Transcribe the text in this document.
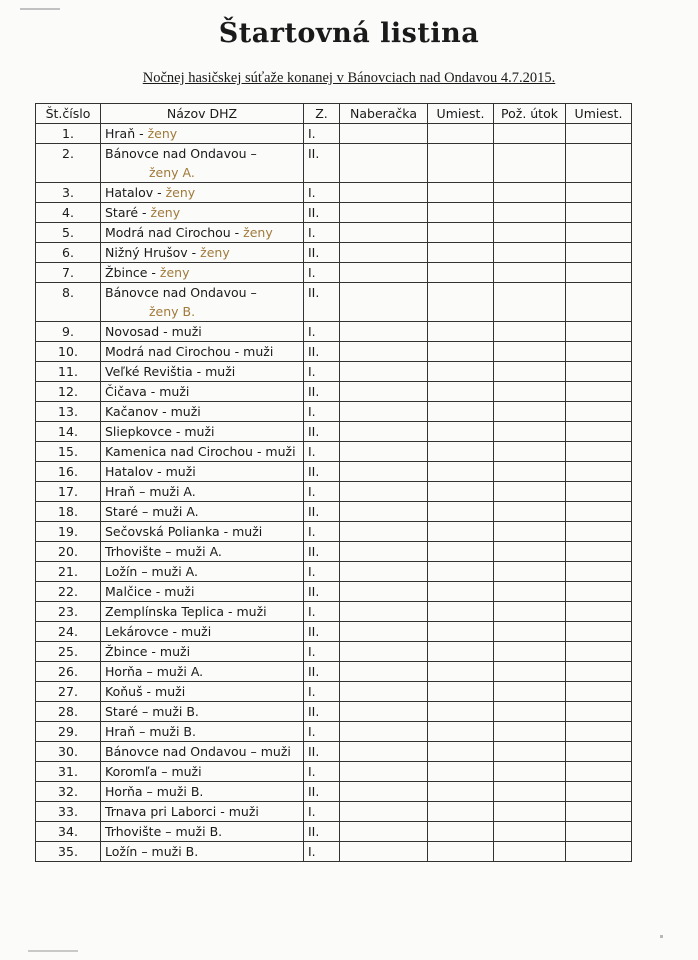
Štartovná listina
Nočnej hasičskej súťaže konanej v Bánovciach nad Ondavou 4.7.2015.
Št.číslo	Názov DHZ	Z.	Naberačka	Umiest.	Pož. útok	Umiest.
1.	Hraň - ženy	I.				
2.	Bánovce nad Ondavou –
ženy A.	II.				
3.	Hatalov - ženy	I.				
4.	Staré - ženy	II.				
5.	Modrá nad Cirochou - ženy	I.				
6.	Nižný Hrušov - ženy	II.				
7.	Žbince - ženy	I.				
8.	Bánovce nad Ondavou –
ženy B.	II.				
9.	Novosad - muži	I.				
10.	Modrá nad Cirochou - muži	II.				
11.	Veľké Revištia - muži	I.				
12.	Čičava - muži	II.				
13.	Kačanov - muži	I.				
14.	Sliepkovce - muži	II.				
15.	Kamenica nad Cirochou - muži	I.				
16.	Hatalov - muži	II.				
17.	Hraň – muži A.	I.				
18.	Staré – muži A.	II.				
19.	Sečovská Polianka - muži	I.				
20.	Trhovište – muži A.	II.				
21.	Ložín – muži A.	I.				
22.	Malčice - muži	II.				
23.	Zemplínska Teplica - muži	I.				
24.	Lekárovce - muži	II.				
25.	Žbince - muži	I.				
26.	Horňa – muži A.	II.				
27.	Koňuš - muži	I.				
28.	Staré – muži B.	II.				
29.	Hraň – muži B.	I.				
30.	Bánovce nad Ondavou – muži	II.				
31.	Koromľa – muži	I.				
32.	Horňa – muži B.	II.				
33.	Trnava pri Laborci - muži	I.				
34.	Trhovište – muži B.	II.				
35.	Ložín – muži B.	I.				
